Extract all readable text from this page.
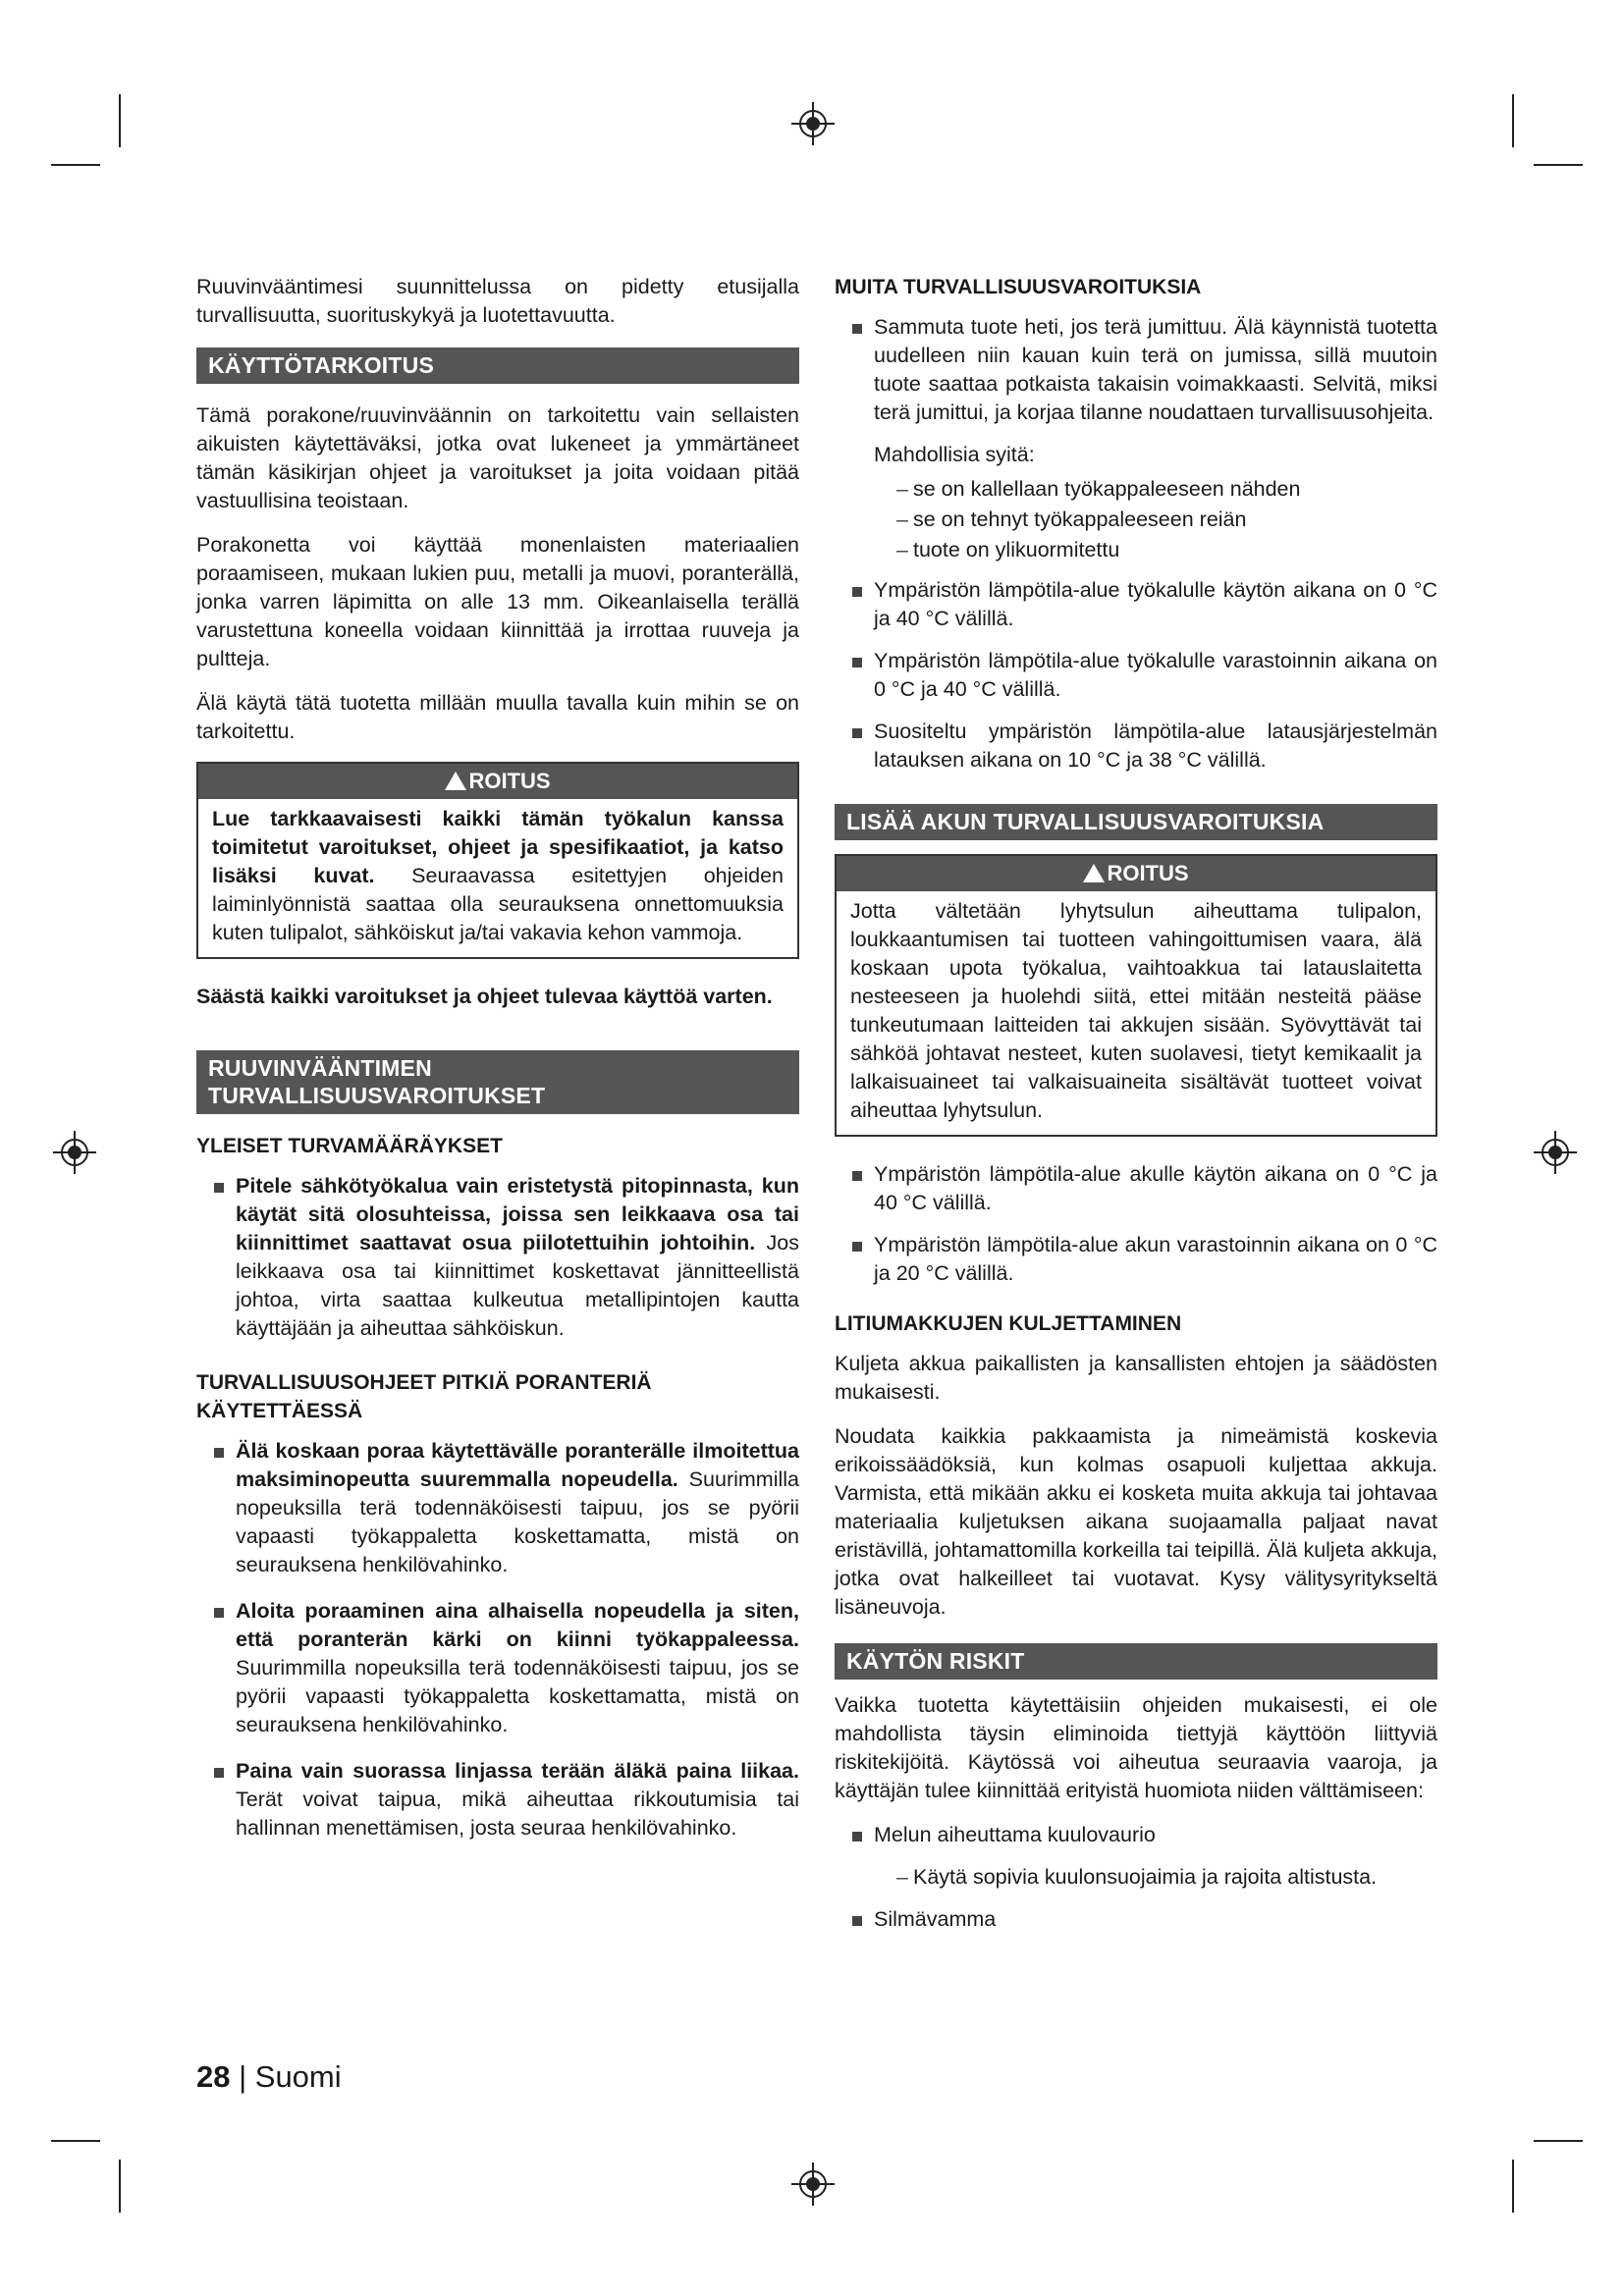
Ruuvinvääntimesi suunnittelussa on pidetty etusijalla turvallisuutta, suorituskykyä ja luotettavuutta.

KÄYTTÖTARKOITUS

Tämä porakone/ruuvinväännin on tarkoitettu vain sellaisten aikuisten käytettäväksi, jotka ovat lukeneet ja ymmärtäneet tämän käsikirjan ohjeet ja varoitukset ja joita voidaan pitää vastuullisina teoistaan.

Porakonetta voi käyttää monenlaisten materiaalien poraamiseen, mukaan lukien puu, metalli ja muovi, poranterällä, jonka varren läpimitta on alle 13 mm. Oikeanlaisella terällä varustettuna koneella voidaan kiinnittää ja irrottaa ruuveja ja pultteja.

Älä käytä tätä tuotetta millään muulla tavalla kuin mihin se on tarkoitettu.

ROITUS
Lue tarkkaavaisesti kaikki tämän työkalun kanssa toimitetut varoitukset, ohjeet ja spesifikaatiot, ja katso lisäksi kuvat. Seuraavassa esitettyjen ohjeiden laiminlyönnistä saattaa olla seurauksena onnettomuuksia kuten tulipalot, sähköiskut ja/tai vakavia kehon vammoja.

Säästä kaikki varoitukset ja ohjeet tulevaa käyttöä varten.

RUUVINVÄÄNTIMEN
TURVALLISUUSVAROITUKSET
YLEISET TURVAMÄÄRÄYKSET
Pitele sähkötyökalua vain eristetystä pitopinnasta, kun käytät sitä olosuhteissa, joissa sen leikkaava osa tai kiinnittimet saattavat osua piilotettuihin johtoihin. Jos leikkaava osa tai kiinnittimet koskettavat jännitteellistä johtoa, virta saattaa kulkeutua metallipintojen kautta käyttäjään ja aiheuttaa sähköiskun.
TURVALLISUUSOHJEET PITKIÄ PORANTERIÄ KÄYTETTÄESSÄ
Älä koskaan poraa käytettävälle poranterälle ilmoitettua maksiminopeutta suuremmalla nopeudella. Suurimmilla nopeuksilla terä todennäköisesti taipuu, jos se pyörii vapaasti työkappaletta koskettamatta, mistä on seurauksena henkilövahinko.
Aloita poraaminen aina alhaisella nopeudella ja siten, että poranterän kärki on kiinni työkappaleessa. Suurimmilla nopeuksilla terä todennäköisesti taipuu, jos se pyörii vapaasti työkappaletta koskettamatta, mistä on seurauksena henkilövahinko.
Paina vain suorassa linjassa terään äläkä paina liikaa. Terät voivat taipua, mikä aiheuttaa rikkoutumisia tai hallinnan menettämisen, josta seuraa henkilövahinko.
MUITA TURVALLISUUSVAROITUKSIA
Sammuta tuote heti, jos terä jumittuu. Älä käynnistä tuotetta uudelleen niin kauan kuin terä on jumissa, sillä muutoin tuote saattaa potkaista takaisin voimakkaasti. Selvitä, miksi terä jumittui, ja korjaa tilanne noudattaen turvallisuusohjeita.
Mahdollisia syitä:
– se on kallellaan työkappaleeseen nähden
– se on tehnyt työkappaleeseen reiän
– tuote on ylikuormitettu
Ympäristön lämpötila-alue työkalulle käytön aikana on 0 °C ja 40 °C välillä.
Ympäristön lämpötila-alue työkalulle varastoinnin aikana on 0 °C ja 40 °C välillä.
Suositeltu ympäristön lämpötila-alue latausjärjestelmän latauksen aikana on 10 °C ja 38 °C välillä.
LISÄÄ AKUN TURVALLISUUSVAROITUKSIA
ROITUS
Jotta vältetään lyhytsulun aiheuttama tulipalon, loukkaantumisen tai tuotteen vahingoittumisen vaara, älä koskaan upota työkalua, vaihtoakkua tai latauslaitetta nesteeseen ja huolehdi siitä, ettei mitään nesteitä pääse tunkeutumaan laitteiden tai akkujen sisään. Syövyttävät tai sähköä johtavat nesteet, kuten suolavesi, tietyt kemikaalit ja lalkaisuaineet tai valkaisuaineita sisältävät tuotteet voivat aiheuttaa lyhytsulun.
Ympäristön lämpötila-alue akulle käytön aikana on 0 °C ja 40 °C välillä.
Ympäristön lämpötila-alue akun varastoinnin aikana on 0 °C ja 20 °C välillä.
LITIUMAKKUJEN KULJETTAMINEN

Kuljeta akkua paikallisten ja kansallisten ehtojen ja säädösten mukaisesti.

Noudata kaikkia pakkaamista ja nimeämistä koskevia erikoissäädöksiä, kun kolmas osapuoli kuljettaa akkuja. Varmista, että mikään akku ei kosketa muita akkuja tai johtavaa materiaalia kuljetuksen aikana suojaamalla paljaat navat eristävillä, johtamattomilla korkeilla tai teipillä. Älä kuljeta akkuja, jotka ovat halkeilleet tai vuotavat. Kysy välitysyritykseltä lisäneuvoja.

KÄYTÖN RISKIT

Vaikka tuotetta käytettäisiin ohjeiden mukaisesti, ei ole mahdollista täysin eliminoida tiettyjä käyttöön liittyviä riskitekijöitä. Käytössä voi aiheutua seuraavia vaaroja, ja käyttäjän tulee kiinnittää erityistä huomiota niiden välttämiseen:

Melun aiheuttama kuulovaurio
– Käytä sopivia kuulonsuojaimia ja rajoita altistusta.
Silmävamma
28 | Suomi
